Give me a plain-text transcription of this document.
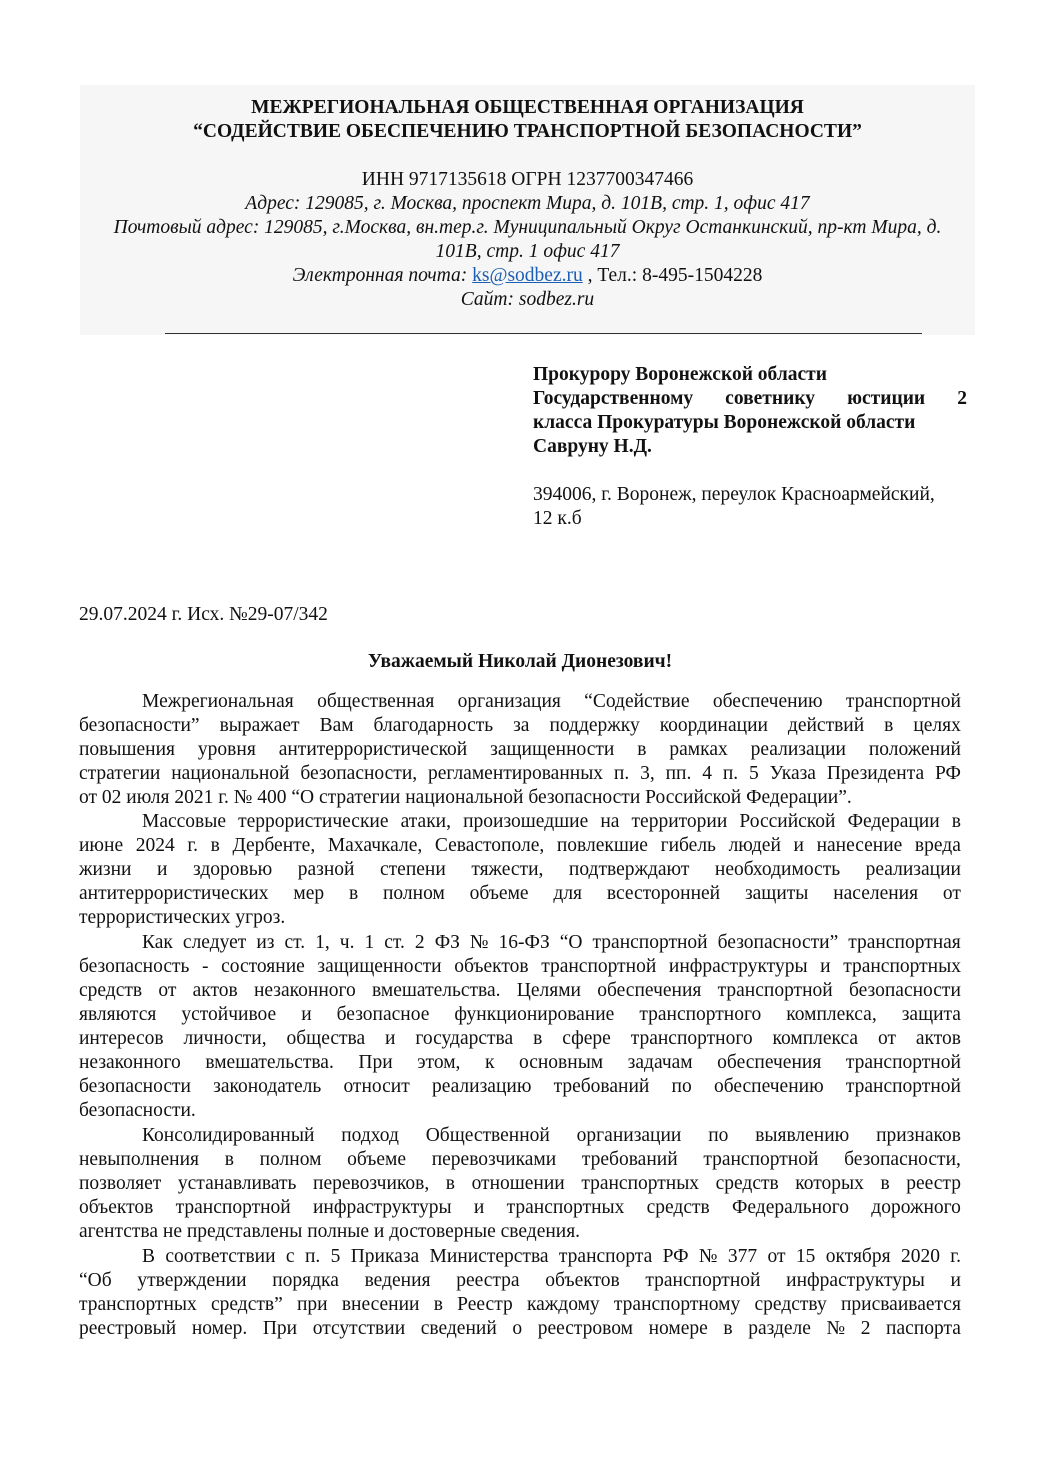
МЕЖРЕГИОНАЛЬНАЯ ОБЩЕСТВЕННАЯ ОРГАНИЗАЦИЯ

“СОДЕЙСТВИЕ ОБЕСПЕЧЕНИЮ ТРАНСПОРТНОЙ БЕЗОПАСНОСТИ”

ИНН 9717135618 ОГРН 1237700347466

Адрес: 129085, г. Москва, проспект Мира, д. 101В, стр. 1, офис 417

Почтовый адрес: 129085, г.Москва, вн.тер.г. Муниципальный Округ Останкинский, пр-кт Мира, д.

101В, стр. 1 офис 417

Электронная почта: ks@sodbez.ru , Тел.: 8-495-1504228

Сайт: sodbez.ru

Прокурору Воронежской области

Государственному советнику юстиции 2

класса Прокуратуры Воронежской области

Савруну Н.Д.

394006, г. Воронеж, переулок Красноармейский,

12 к.б

29.07.2024 г. Исх. №29-07/342

Уважаемый Николай Дионезович!

Межрегиональная общественная организация “Содействие обеспечению транспортной

безопасности” выражает Вам благодарность за поддержку координации действий в целях

повышения уровня антитеррористической защищенности в рамках реализации положений

стратегии национальной безопасности, регламентированных п. 3, пп. 4 п. 5 Указа Президента РФ

от 02 июля 2021 г. № 400 “О стратегии национальной безопасности Российской Федерации”.

Массовые террористические атаки, произошедшие на территории Российской Федерации в

июне 2024 г. в Дербенте, Махачкале, Севастополе, повлекшие гибель людей и нанесение вреда

жизни и здоровью разной степени тяжести, подтверждают необходимость реализации

антитеррористических мер в полном объеме для всесторонней защиты населения от

террористических угроз.

Как следует из ст. 1, ч. 1 ст. 2 ФЗ № 16-ФЗ “О транспортной безопасности” транспортная

безопасность - состояние защищенности объектов транспортной инфраструктуры и транспортных

средств от актов незаконного вмешательства. Целями обеспечения транспортной безопасности

являются устойчивое и безопасное функционирование транспортного комплекса, защита

интересов личности, общества и государства в сфере транспортного комплекса от актов

незаконного вмешательства. При этом, к основным задачам обеспечения транспортной

безопасности законодатель относит реализацию требований по обеспечению транспортной

безопасности.

Консолидированный подход Общественной организации по выявлению признаков

невыполнения в полном объеме перевозчиками требований транспортной безопасности,

позволяет устанавливать перевозчиков, в отношении транспортных средств которых в реестр

объектов транспортной инфраструктуры и транспортных средств Федерального дорожного

агентства не представлены полные и достоверные сведения.

В соответствии с п. 5 Приказа Министерства транспорта РФ № 377 от 15 октября 2020 г.

“Об утверждении порядка ведения реестра объектов транспортной инфраструктуры и

транспортных средств” при внесении в Реестр каждому транспортному средству присваивается

реестровый номер. При отсутствии сведений о реестровом номере в разделе № 2 паспорта
